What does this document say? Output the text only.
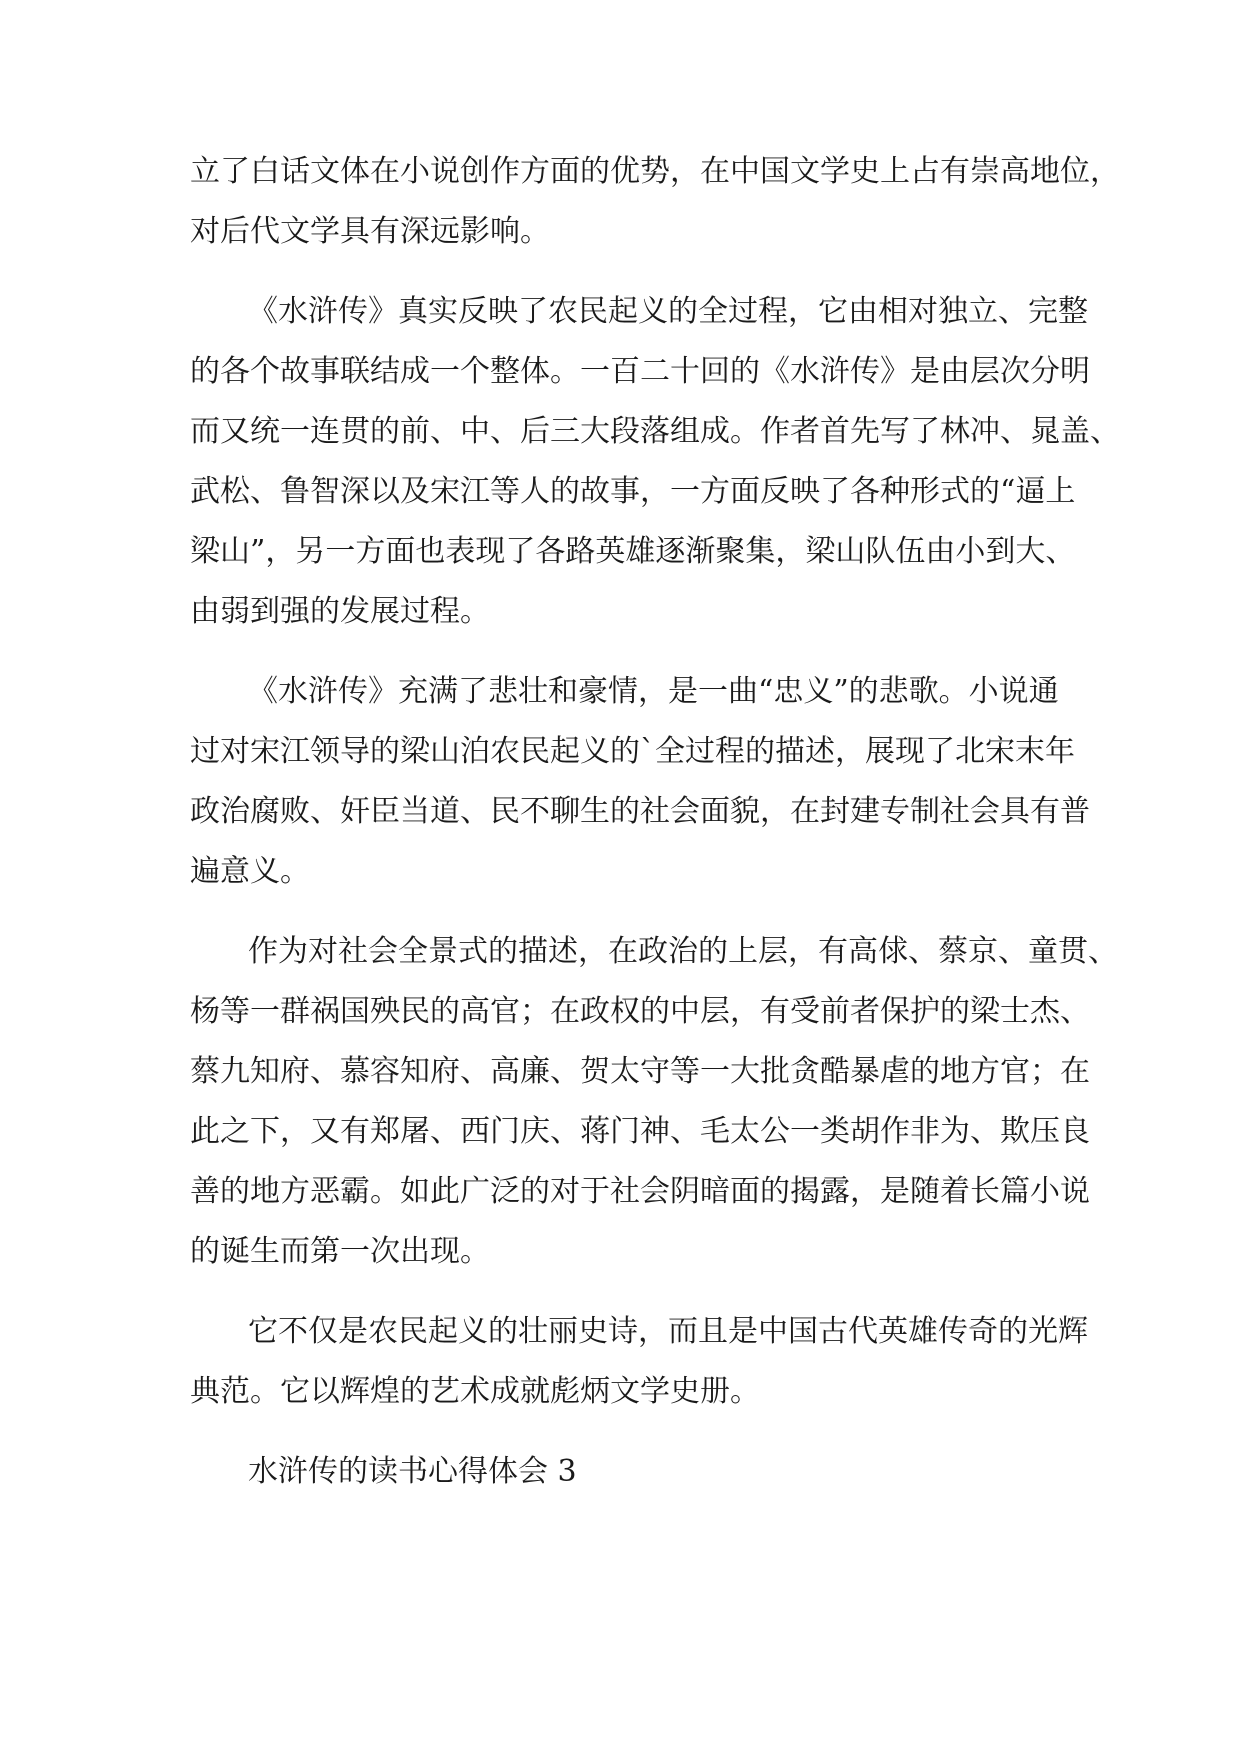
立了白话文体在小说创作方面的优势，在中国文学史上占有崇高地位，

对后代文学具有深远影响。

《水浒传》真实反映了农民起义的全过程，它由相对独立、完整

的各个故事联结成一个整体。一百二十回的《水浒传》是由层次分明

而又统一连贯的前、中、后三大段落组成。作者首先写了林冲、晁盖、

武松、鲁智深以及宋江等人的故事，一方面反映了各种形式的“逼上

梁山”，另一方面也表现了各路英雄逐渐聚集，梁山队伍由小到大、

由弱到强的发展过程。

《水浒传》充满了悲壮和豪情，是一曲“忠义”的悲歌。小说通

过对宋江领导的梁山泊农民起义的`全过程的描述，展现了北宋末年

政治腐败、奸臣当道、民不聊生的社会面貌，在封建专制社会具有普

遍意义。

作为对社会全景式的描述，在政治的上层，有高俅、蔡京、童贯、

杨等一群祸国殃民的高官；在政权的中层，有受前者保护的梁士杰、

蔡九知府、慕容知府、高廉、贺太守等一大批贪酷暴虐的地方官；在

此之下，又有郑屠、西门庆、蒋门神、毛太公一类胡作非为、欺压良

善的地方恶霸。如此广泛的对于社会阴暗面的揭露，是随着长篇小说

的诞生而第一次出现。

它不仅是农民起义的壮丽史诗，而且是中国古代英雄传奇的光辉

典范。它以辉煌的艺术成就彪炳文学史册。

水浒传的读书心得体会 3
